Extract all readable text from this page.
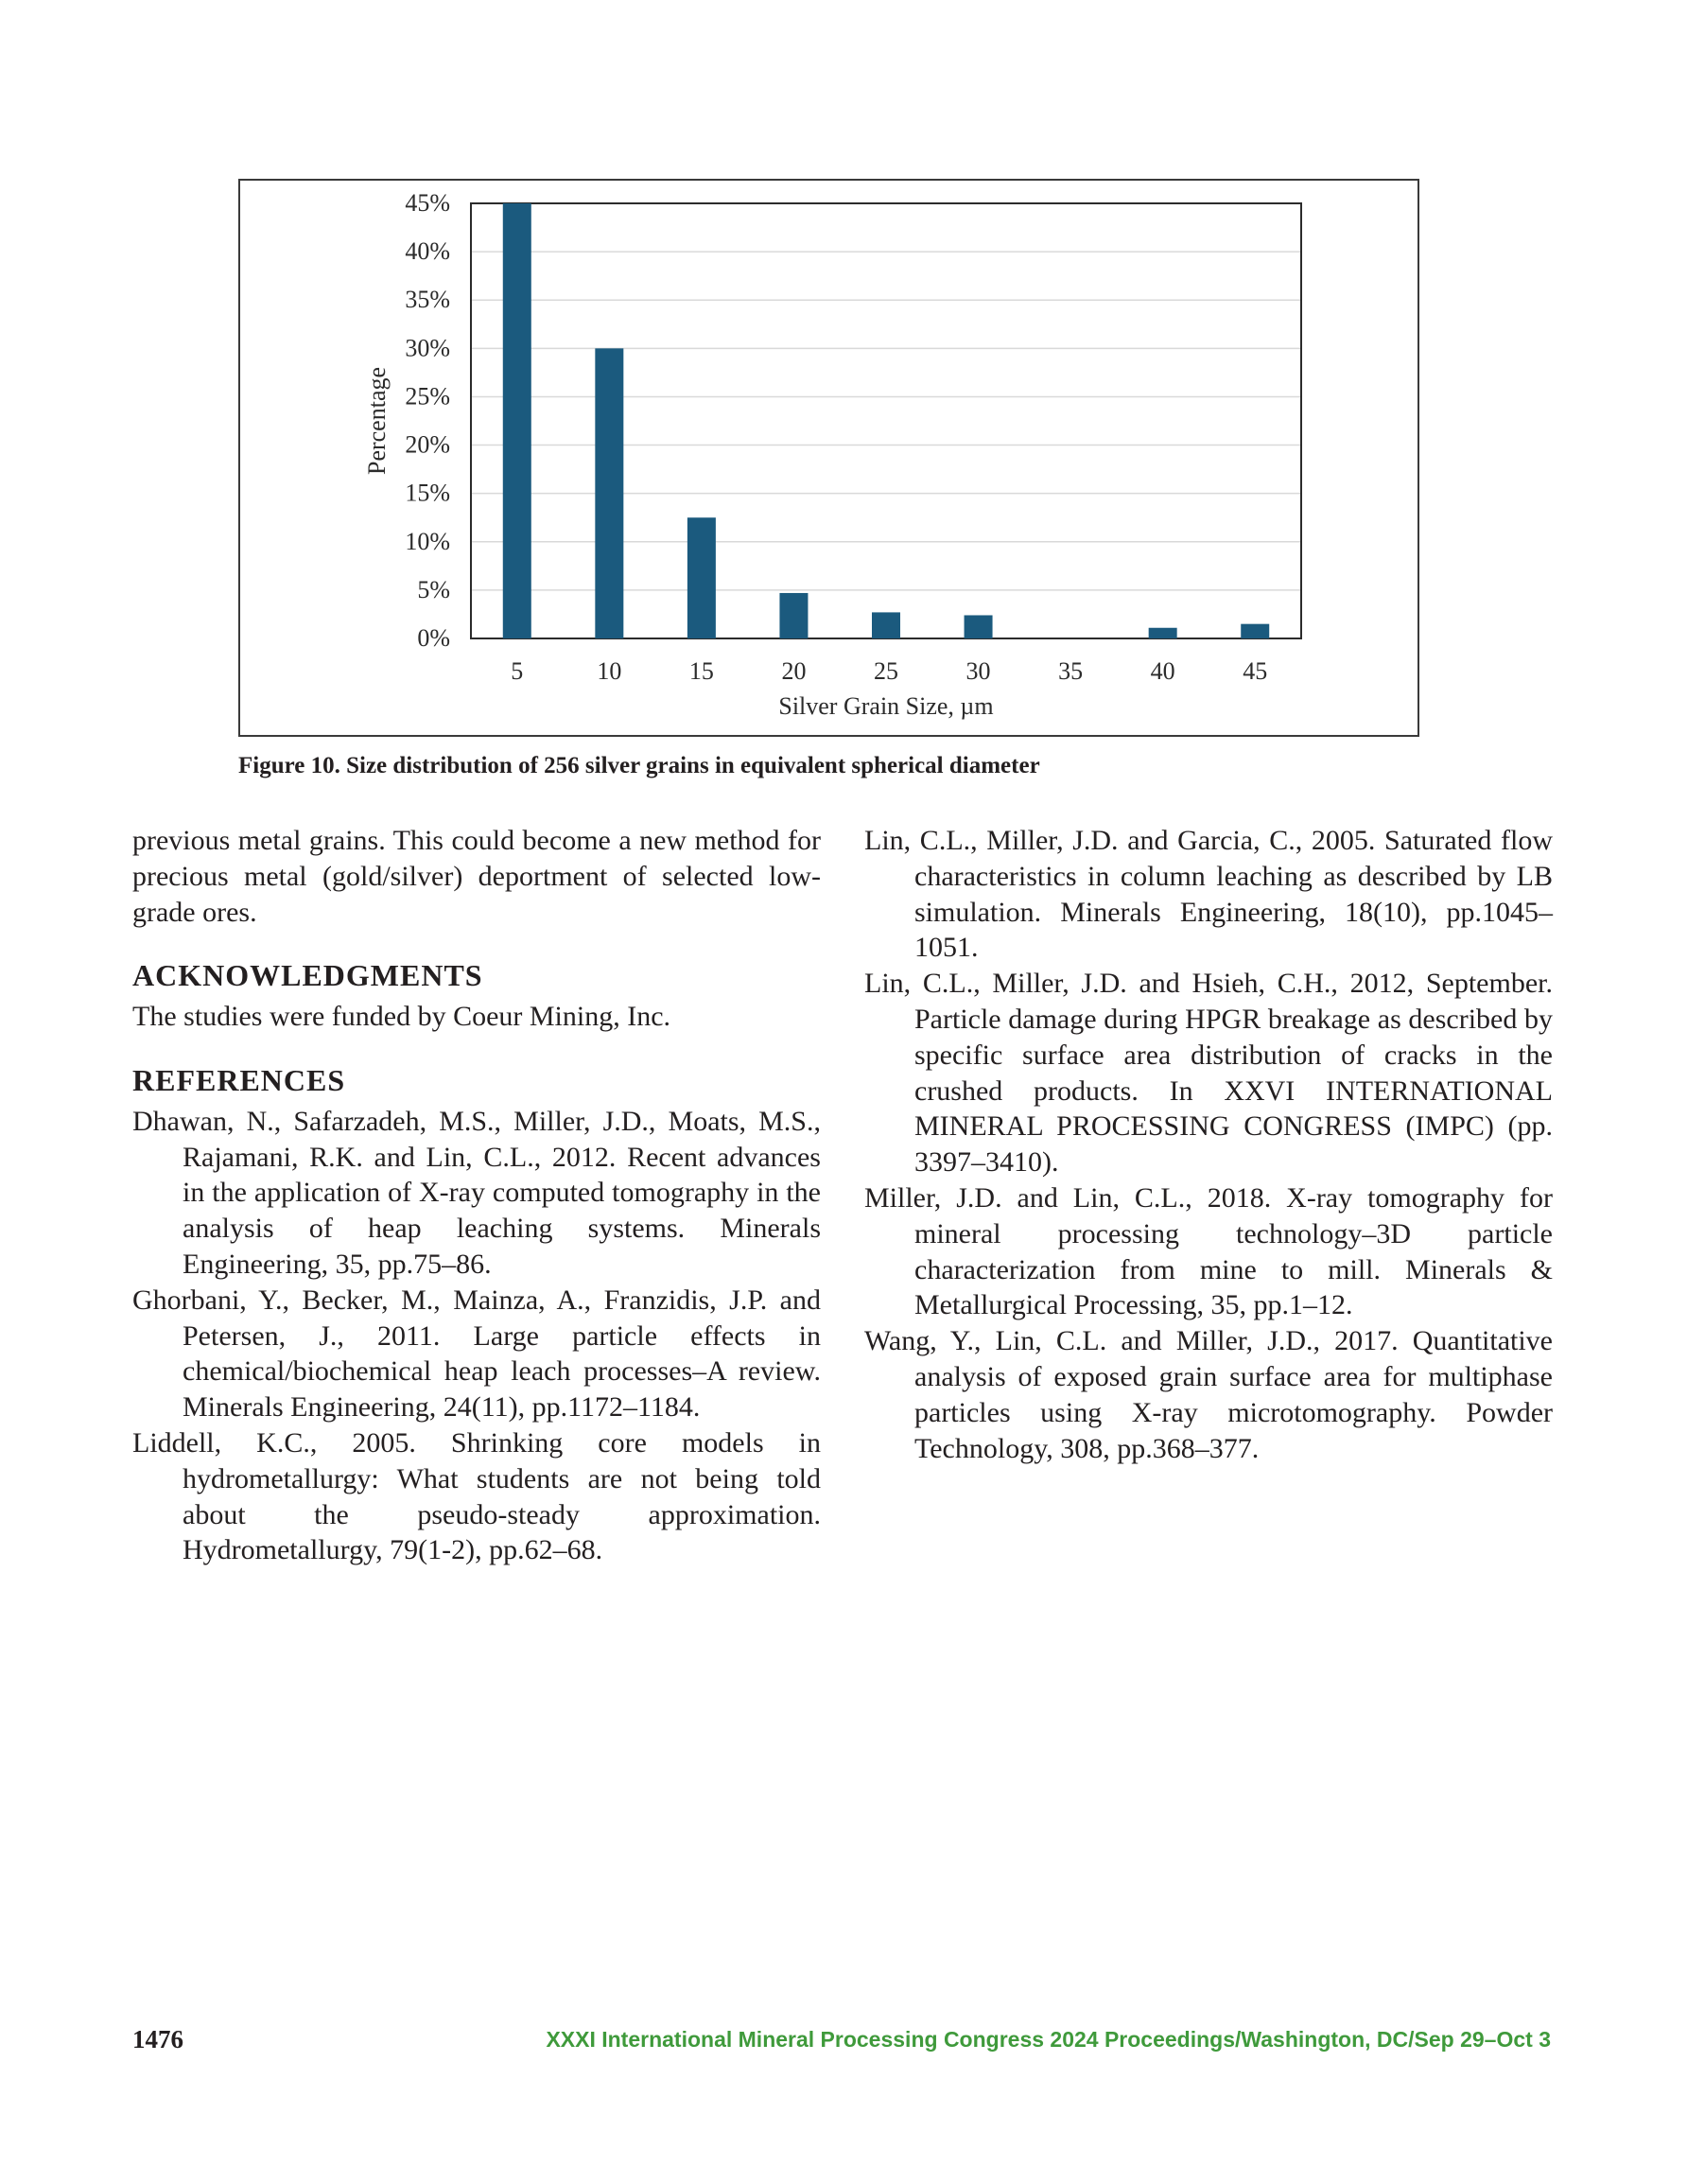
0%
5%
10%
15%
20%
25%
30%
35%
40%
45%
5	10	15	20	25	30	35	40	45
Silver Grain Size, µm
Percentage
Figure 10. Size distribution of 256 silver grains in equivalent spherical diameter

previous metal grains. This could become a new method for precious metal (gold/silver) deportment of selected low-grade ores.

ACKNOWLEDGMENTS

The studies were funded by Coeur Mining, Inc.

REFERENCES

Dhawan, N., Safarzadeh, M.S., Miller, J.D., Moats, M.S., Rajamani, R.K. and Lin, C.L., 2012. Recent advances in the application of X-ray computed tomography in the analysis of heap leaching systems. Minerals Engineering, 35, pp.75–86.

Ghorbani, Y., Becker, M., Mainza, A., Franzidis, J.P. and Petersen, J., 2011. Large particle effects in chemical/biochemical heap leach processes–A review. Minerals Engineering, 24(11), pp.1172–1184.

Liddell, K.C., 2005. Shrinking core models in hydrometallurgy: What students are not being told about the pseudo-steady approximation. Hydrometallurgy, 79(1-2), pp.62–68.

Lin, C.L., Miller, J.D. and Garcia, C., 2005. Saturated flow characteristics in column leaching as described by LB simulation. Minerals Engineering, 18(10), pp.1045–1051.

Lin, C.L., Miller, J.D. and Hsieh, C.H., 2012, September. Particle damage during HPGR breakage as described by specific surface area distribution of cracks in the crushed products. In XXVI INTERNATIONAL MINERAL PROCESSING CONGRESS (IMPC) (pp. 3397–3410).

Miller, J.D. and Lin, C.L., 2018. X-ray tomography for mineral processing technology–3D particle characterization from mine to mill. Minerals & Metallurgical Processing, 35, pp.1–12.

Wang, Y., Lin, C.L. and Miller, J.D., 2017. Quantitative analysis of exposed grain surface area for multiphase particles using X-ray microtomography. Powder Technology, 308, pp.368–377.

1476	XXXI International Mineral Processing Congress 2024 Proceedings/Washington, DC/Sep 29–Oct 3
